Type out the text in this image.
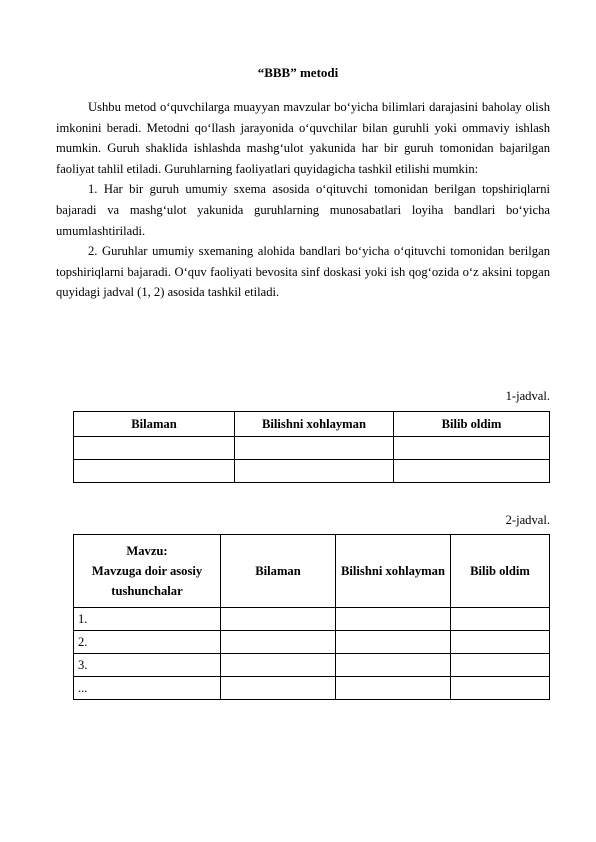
“BBB” metodi

Ushbu metod o‘quvchilarga muayyan mavzular bo‘yicha bilimlari darajasini baholay olish imkonini beradi. Metodni qo‘llash jarayonida o‘quvchilar bilan guruhli yoki ommaviy ishlash mumkin. Guruh shaklida ishlashda mashg‘ulot yakunida har bir guruh tomonidan bajarilgan faoliyat tahlil etiladi. Guruhlarning faoliyatlari quyidagicha tashkil etilishi mumkin:

1. Har bir guruh umumiy sxema asosida o‘qituvchi tomonidan berilgan topshiriqlarni bajaradi va mashg‘ulot yakunida guruhlarning munosabatlari loyiha bandlari bo‘yicha umumlashtiriladi.

2. Guruhlar umumiy sxemaning alohida bandlari bo‘yicha o‘qituvchi tomonidan berilgan topshiriqlarni bajaradi. O‘quv faoliyati bevosita sinf doskasi yoki ish qog‘ozida o‘z aksini topgan quyidagi jadval (1, 2) asosida tashkil etiladi.

1-jadval.
Bilaman	Bilishni xohlayman	Bilib oldim

2-jadval.
Mavzu:
Mavzuga doir asosiy tushunchalar	Bilaman	Bilishni xohlayman	Bilib oldim
1.			
2.			
3.			
...			
